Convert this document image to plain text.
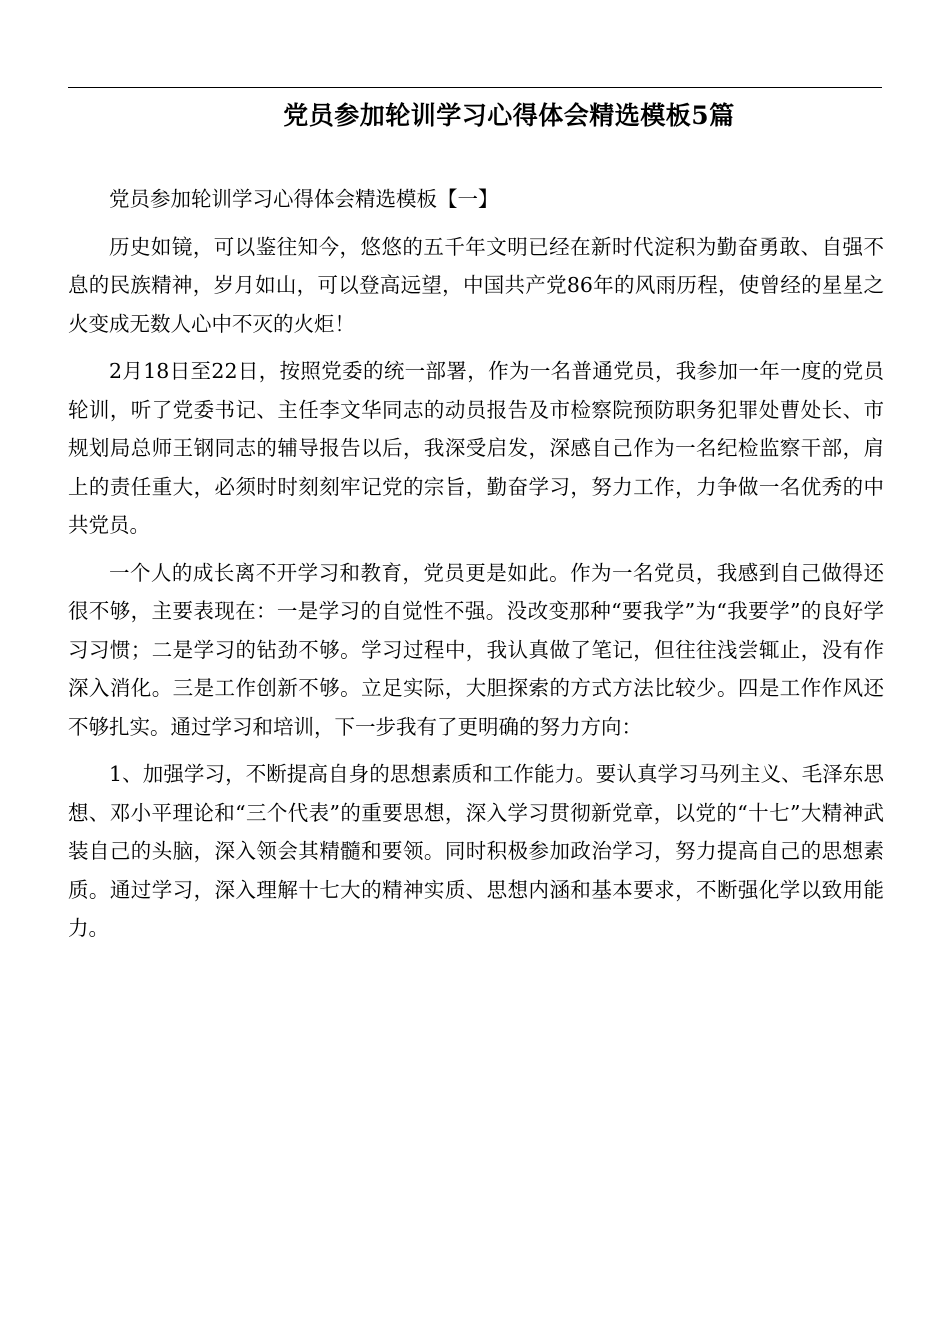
党员参加轮训学习心得体会精选模板5篇

党员参加轮训学习心得体会精选模板【一】

历史如镜，可以鉴往知今，悠悠的五千年文明已经在新时代淀积为勤奋勇敢、自强不息的民族精神，岁月如山，可以登高远望，中国共产党86年的风雨历程，使曾经的星星之火变成无数人心中不灭的火炬！

2月18日至22日，按照党委的统一部署，作为一名普通党员，我参加一年一度的党员轮训，听了党委书记、主任李文华同志的动员报告及市检察院预防职务犯罪处曹处长、市规划局总师王钢同志的辅导报告以后，我深受启发，深感自己作为一名纪检监察干部，肩上的责任重大，必须时时刻刻牢记党的宗旨，勤奋学习，努力工作，力争做一名优秀的中共党员。

一个人的成长离不开学习和教育，党员更是如此。作为一名党员，我感到自己做得还很不够，主要表现在：一是学习的自觉性不强。没改变那种“要我学”为“我要学”的良好学习习惯；二是学习的钻劲不够。学习过程中，我认真做了笔记，但往往浅尝辄止，没有作深入消化。三是工作创新不够。立足实际，大胆探索的方式方法比较少。四是工作作风还不够扎实。通过学习和培训，下一步我有了更明确的努力方向：

1、加强学习，不断提高自身的思想素质和工作能力。要认真学习马列主义、毛泽东思想、邓小平理论和“三个代表”的重要思想，深入学习贯彻新党章，以党的“十七”大精神武装自己的头脑，深入领会其精髓和要领。同时积极参加政治学习，努力提高自己的思想素质。通过学习，深入理解十七大的精神实质、思想内涵和基本要求，不断强化学以致用能力。
